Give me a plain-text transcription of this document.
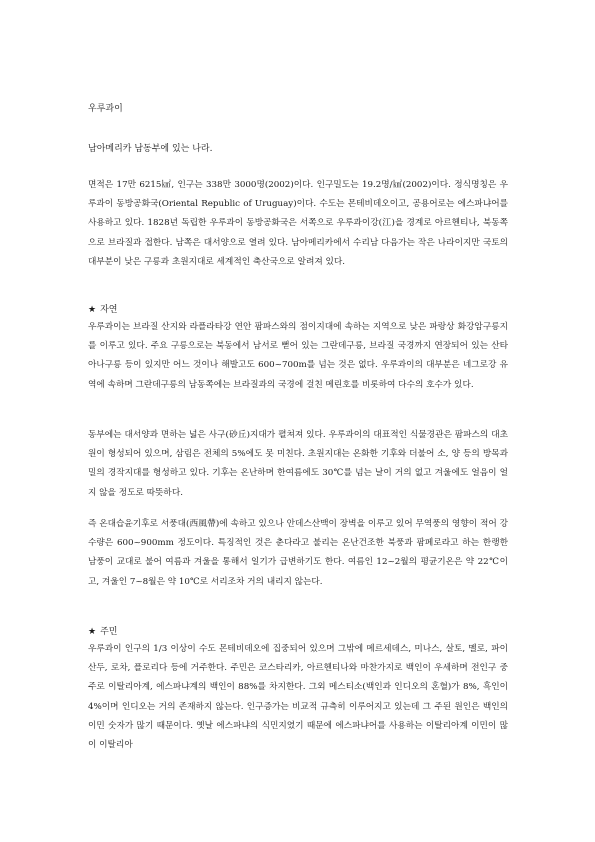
우루과이
남아메리카 남동부에 있는 나라.

면적은 17만 6215㎢, 인구는 338만 3000명(2002)이다. 인구밀도는 19.2명/㎢(2002)이다. 정식명칭은 우루과이 동방공화국(Oriental Republic of Uruguay)이다. 수도는 몬테비데오이고, 공용어로는 에스파냐어를 사용하고 있다. 1828년 독립한 우루과이 동방공화국은 서쪽으로 우루과이강(江)을 경계로 아르헨티나, 북동쪽으로 브라질과 접한다. 남쪽은 대서양으로 열려 있다. 남아메리카에서 수리남 다음가는 작은 나라이지만 국토의 대부분이 낮은 구릉과 초원지대로 세계적인 축산국으로 알려져 있다.

★ 자연

우루과이는 브라질 산지와 라플라타강 연안 팜파스와의 점이지대에 속하는 지역으로 낮은 파랑상 화강암구릉지를 이루고 있다. 주요 구릉으로는 북동에서 남서로 뻗어 있는 그란데구릉, 브라질 국경까지 연장되어 있는 산타아나구릉 등이 있지만 어느 것이나 해발고도 600~700m를 넘는 것은 없다. 우루과이의 대부분은 네그로강 유역에 속하며 그란데구릉의 남동쪽에는 브라질과의 국경에 걸친 메린호를 비롯하여 다수의 호수가 있다.

동부에는 대서양과 면하는 넓은 사구(砂丘)지대가 펼쳐져 있다. 우루과이의 대표적인 식물경관은 팜파스의 대초원이 형성되어 있으며, 삼림은 전체의 5%에도 못 미친다. 초원지대는 온화한 기후와 더불어 소, 양 등의 방목과 밀의 경작지대를 형성하고 있다. 기후는 온난하며 한여름에도 30℃를 넘는 날이 거의 없고 겨울에도 얼음이 얼지 않을 정도로 따뜻하다.

즉 온대습윤기후로 서풍대(西風帶)에 속하고 있으나 안데스산맥이 장벽을 이루고 있어 무역풍의 영향이 적어 강수량은 600~900mm 정도이다. 특징적인 것은 춘다라고 불리는 온난건조한 북풍과 팜페로라고 하는 한랭한 남풍이 교대로 불어 여름과 겨울을 통해서 일기가 급변하기도 한다. 여름인 12~2월의 평균기온은 약 22℃이고, 겨울인 7~8월은 약 10℃로 서리조차 거의 내리지 않는다.

★ 주민

우루과이 인구의 1/3 이상이 수도 몬테비데오에 집중되어 있으며 그밖에 메르세데스, 미나스, 살토, 멜로, 파이산두, 로차, 플로리다 등에 거주한다. 주민은 코스타리카, 아르헨티나와 마찬가지로 백인이 우세하며 전인구 중 주로 이탈리아계, 에스파냐계의 백인이 88%를 차지한다. 그외 메스티소(백인과 인디오의 혼혈)가 8%, 흑인이 4%이며 인디오는 거의 존재하지 않는다. 인구증가는 비교적 규측히 이루어지고 있는데 그 주된 원인은 백인의 이민 숫자가 많기 때문이다. 옛날 에스파냐의 식민지였기 때문에 에스파냐어를 사용하는 이탈리아계 이민이 많이 이탈리아
